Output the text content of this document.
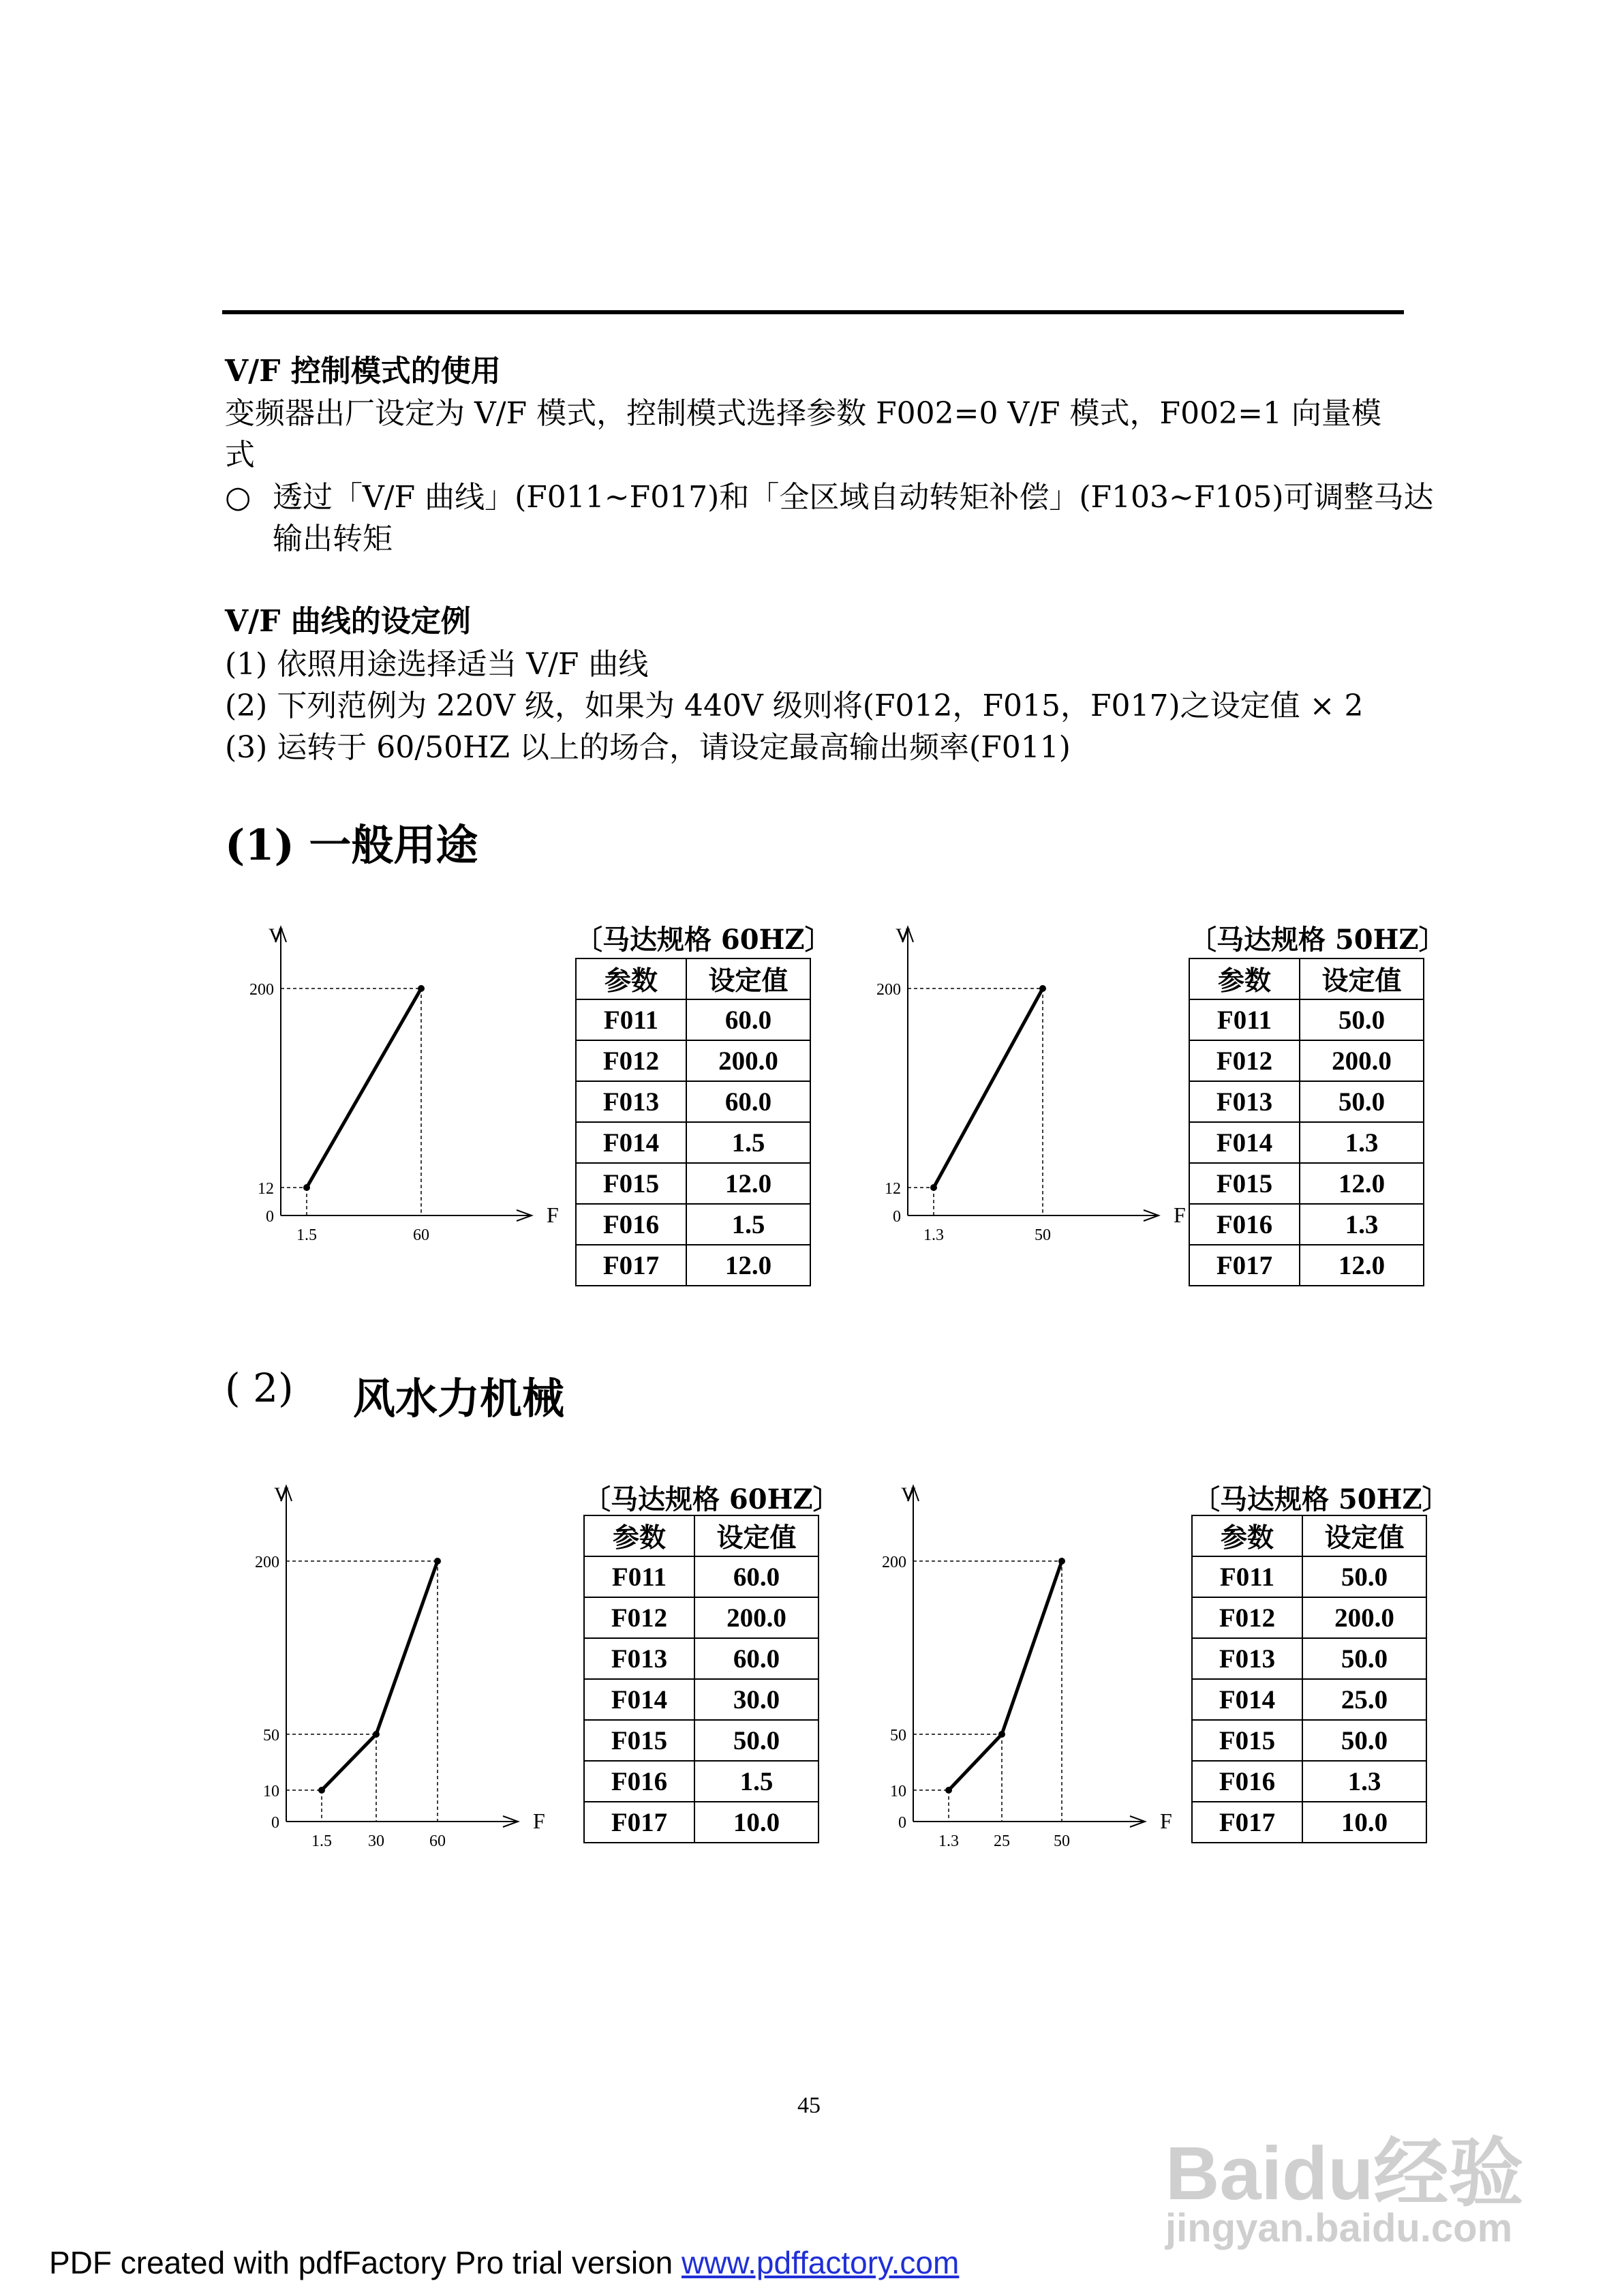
V/F 控制模式的使用
变频器出厂设定为 V/F 模式，控制模式选择参数 F002=0 V/F 模式，F002=1 向量模
式
○ 透过「V/F 曲线」(F011~F017)和「全区域自动转矩补偿」(F103~F105)可调整马达
输出转矩
V/F 曲线的设定例
(1) 依照用途选择适当 V/F 曲线
(2) 下列范例为 220V 级，如果为 440V 级则将(F012，F015，F017)之设定值 × 2
(3) 运转于 60/50HZ 以上的场合，请设定最高输出频率(F011)
(1) 一般用途
( 2) 风水力机械
V
F
0
12
200
1.5	60
V
F
0
12
200
1.3	50
V
F
0
10
50
200
1.5 30	60
V
F
0
10
50
200
1.3 25	50
〔马达规格 60HZ〕	〔马达规格 50HZ〕
〔马达规格 60HZ〕	〔马达规格 50HZ〕
参数	设定值
F011	60.0
F012	200.0
F013	60.0
F014	1.5
F015	12.0
F016	1.5
F017	12.0
参数	设定值
F011	50.0
F012	200.0
F013	50.0
F014	1.3
F015	12.0
F016	1.3
F017	12.0
参数	设定值
F011	60.0
F012	200.0
F013	60.0
F014	30.0
F015	50.0
F016	1.5
F017	10.0
参数	设定值
F011	50.0
F012	200.0
F013	50.0
F014	25.0
F015	50.0
F016	1.3
F017	10.0
45
Baidu经验
jingyan.baidu.com
PDF created with pdfFactory Pro trial version www.pdffactory.com
